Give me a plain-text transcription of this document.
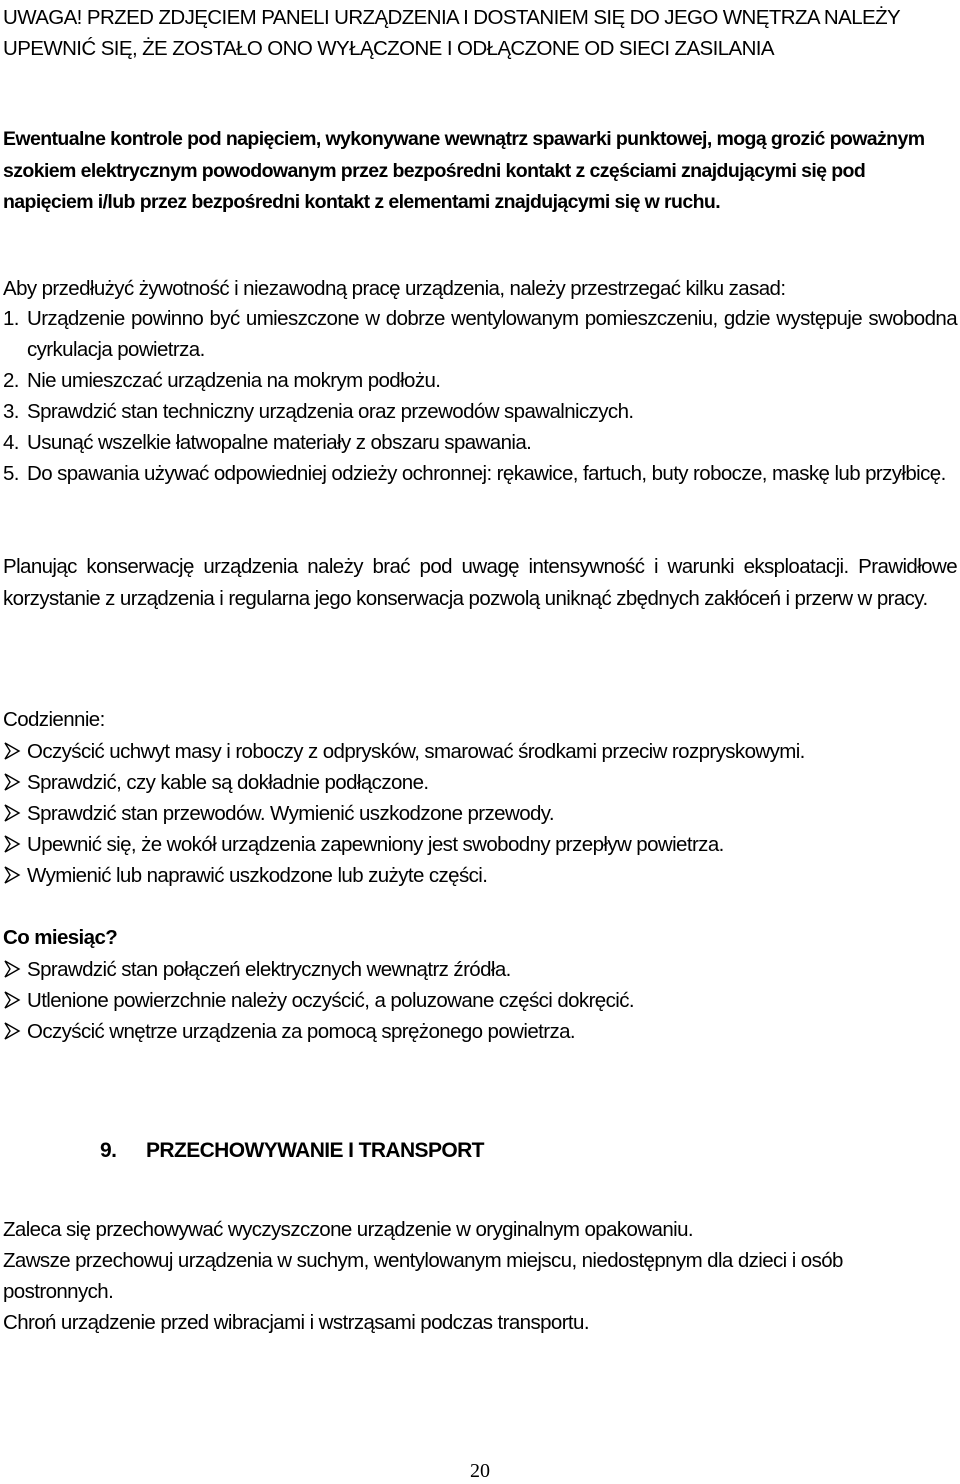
UWAGA! PRZED ZDJĘCIEM PANELI URZĄDZENIA I DOSTANIEM SIĘ DO JEGO WNĘTRZA NALEŻY UPEWNIĆ SIĘ, ŻE ZOSTAŁO ONO WYŁĄCZONE I ODŁĄCZONE OD SIECI ZASILANIA

Ewentualne kontrole pod napięciem, wykonywane wewnątrz spawarki punktowej, mogą grozić poważnym szokiem elektrycznym powodowanym przez bezpośredni kontakt z częściami znajdującymi się pod napięciem i/lub przez bezpośredni kontakt z elementami znajdującymi się w ruchu.

Aby przedłużyć żywotność i niezawodną pracę urządzenia, należy przestrzegać kilku zasad:

1. Urządzenie powinno być umieszczone w dobrze wentylowanym pomieszczeniu, gdzie występuje swobodna cyrkulacja powietrza.
2. Nie umieszczać urządzenia na mokrym podłożu.
3. Sprawdzić stan techniczny urządzenia oraz przewodów spawalniczych.
4. Usunąć wszelkie łatwopalne materiały z obszaru spawania.
5. Do spawania używać odpowiedniej odzieży ochronnej: rękawice, fartuch, buty robocze, maskę lub przyłbicę.

Planując konserwację urządzenia należy brać pod uwagę intensywność i warunki eksploatacji. Prawidłowe korzystanie z urządzenia i regularna jego konserwacja pozwolą uniknąć zbędnych zakłóceń i przerw w pracy.

Codziennie:
Oczyścić uchwyt masy i roboczy z odprysków, smarować środkami przeciw rozpryskowymi.
Sprawdzić, czy kable są dokładnie podłączone.
Sprawdzić stan przewodów. Wymienić uszkodzone przewody.
Upewnić się, że wokół urządzenia zapewniony jest swobodny przepływ powietrza.
Wymienić lub naprawić uszkodzone lub zużyte części.
Co miesiąc?
Sprawdzić stan połączeń elektrycznych wewnątrz źródła.
Utlenione powierzchnie należy oczyścić, a poluzowane części dokręcić.
Oczyścić wnętrze urządzenia za pomocą sprężonego powietrza.
9. PRZECHOWYWANIE I TRANSPORT

Zaleca się przechowywać wyczyszczone urządzenie w oryginalnym opakowaniu.

Zawsze przechowuj urządzenia w suchym, wentylowanym miejscu, niedostępnym dla dzieci i osób postronnych.

Chroń urządzenie przed wibracjami i wstrząsami podczas transportu.

20
